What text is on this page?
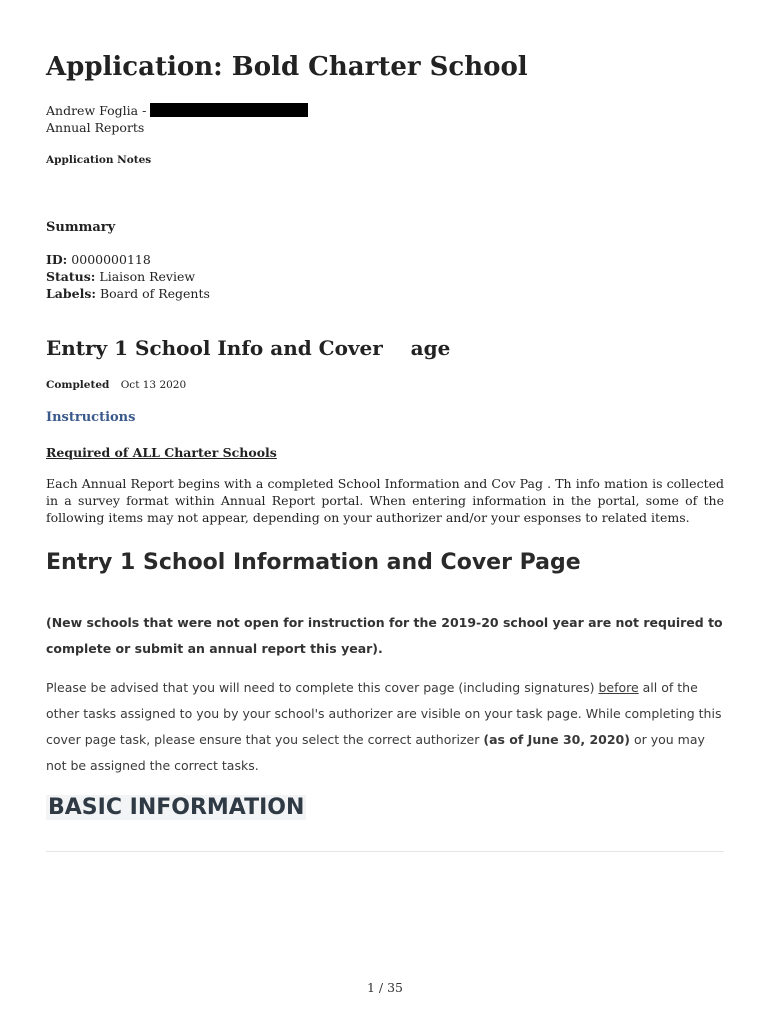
Application: Bold Charter School
Andrew Foglia -
Annual Reports
Application Notes
Summary
ID: 0000000118
Status: Liaison Review
Labels: Board of Regents
Entry 1 School Info and Cover    age
Completed Oct 13 2020
Instructions
Required of ALL Charter Schools
Each Annual Report begins with a completed School Information and Cov Pag . Th info mation is collected in a survey format within Annual Report portal. When entering information in the portal, some of the following items may not appear, depending on your authorizer and/or your esponses to related items.
Entry 1 School Information and Cover Page
(New schools that were not open for instruction for the 2019-20 school year are not required to complete or submit an annual report this year).
Please be advised that you will need to complete this cover page (including signatures) before all of the other tasks assigned to you by your school's authorizer are visible on your task page. While completing this cover page task, please ensure that you select the correct authorizer (as of June 30, 2020) or you may not be assigned the correct tasks.
BASIC INFORMATION
1 / 35
